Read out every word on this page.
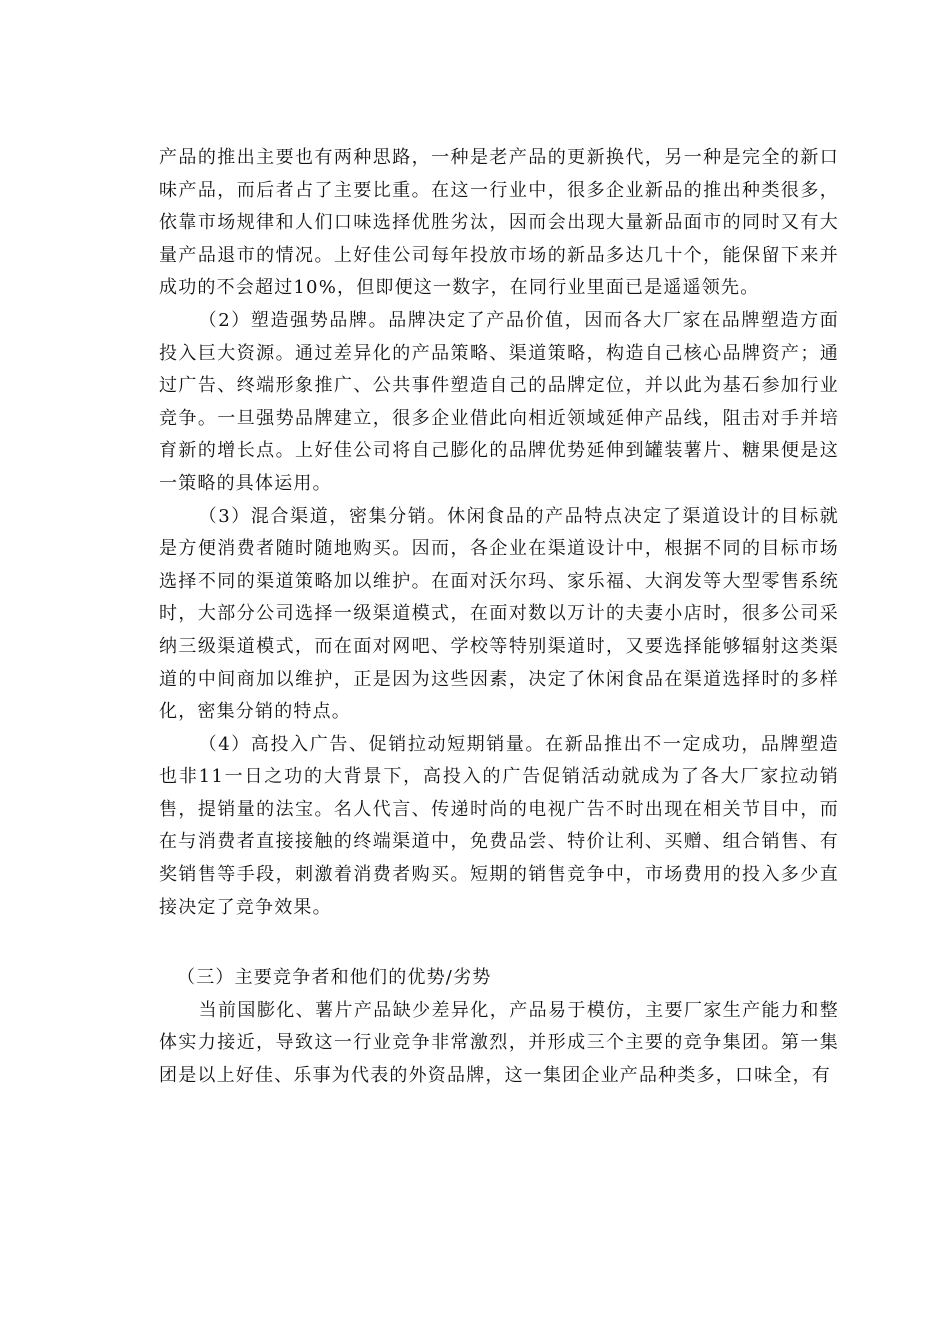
产品的推出主要也有两种思路，一种是老产品的更新换代，另一种是完全的新口味产品，而后者占了主要比重。在这一行业中，很多企业新品的推出种类很多，依靠市场规律和人们口味选择优胜劣汰，因而会出现大量新品面市的同时又有大量产品退市的情况。上好佳公司每年投放市场的新品多达几十个，能保留下来并成功的不会超过10%，但即便这一数字，在同行业里面已是遥遥领先。

（2）塑造强势品牌。品牌决定了产品价值，因而各大厂家在品牌塑造方面投入巨大资源。通过差异化的产品策略、渠道策略，构造自己核心品牌资产；通过广告、终端形象推广、公共事件塑造自己的品牌定位，并以此为基石参加行业竞争。一旦强势品牌建立，很多企业借此向相近领域延伸产品线，阻击对手并培育新的增长点。上好佳公司将自己膨化的品牌优势延伸到罐装薯片、糖果便是这一策略的具体运用。

（3）混合渠道，密集分销。休闲食品的产品特点决定了渠道设计的目标就是方便消费者随时随地购买。因而，各企业在渠道设计中，根据不同的目标市场选择不同的渠道策略加以维护。在面对沃尔玛、家乐福、大润发等大型零售系统时，大部分公司选择一级渠道模式，在面对数以万计的夫妻小店时，很多公司采纳三级渠道模式，而在面对网吧、学校等特别渠道时，又要选择能够辐射这类渠道的中间商加以维护，正是因为这些因素，决定了休闲食品在渠道选择时的多样化，密集分销的特点。

（4）高投入广告、促销拉动短期销量。在新品推出不一定成功，品牌塑造也非11一日之功的大背景下，高投入的广告促销活动就成为了各大厂家拉动销售，提销量的法宝。名人代言、传递时尚的电视广告不时出现在相关节目中，而在与消费者直接接触的终端渠道中，免费品尝、特价让利、买赠、组合销售、有奖销售等手段，刺激着消费者购买。短期的销售竞争中，市场费用的投入多少直接决定了竞争效果。

（三）主要竞争者和他们的优势/劣势

当前国膨化、薯片产品缺少差异化，产品易于模仿，主要厂家生产能力和整体实力接近，导致这一行业竞争非常激烈，并形成三个主要的竞争集团。第一集团是以上好佳、乐事为代表的外资品牌，这一集团企业产品种类多，口味全，有
